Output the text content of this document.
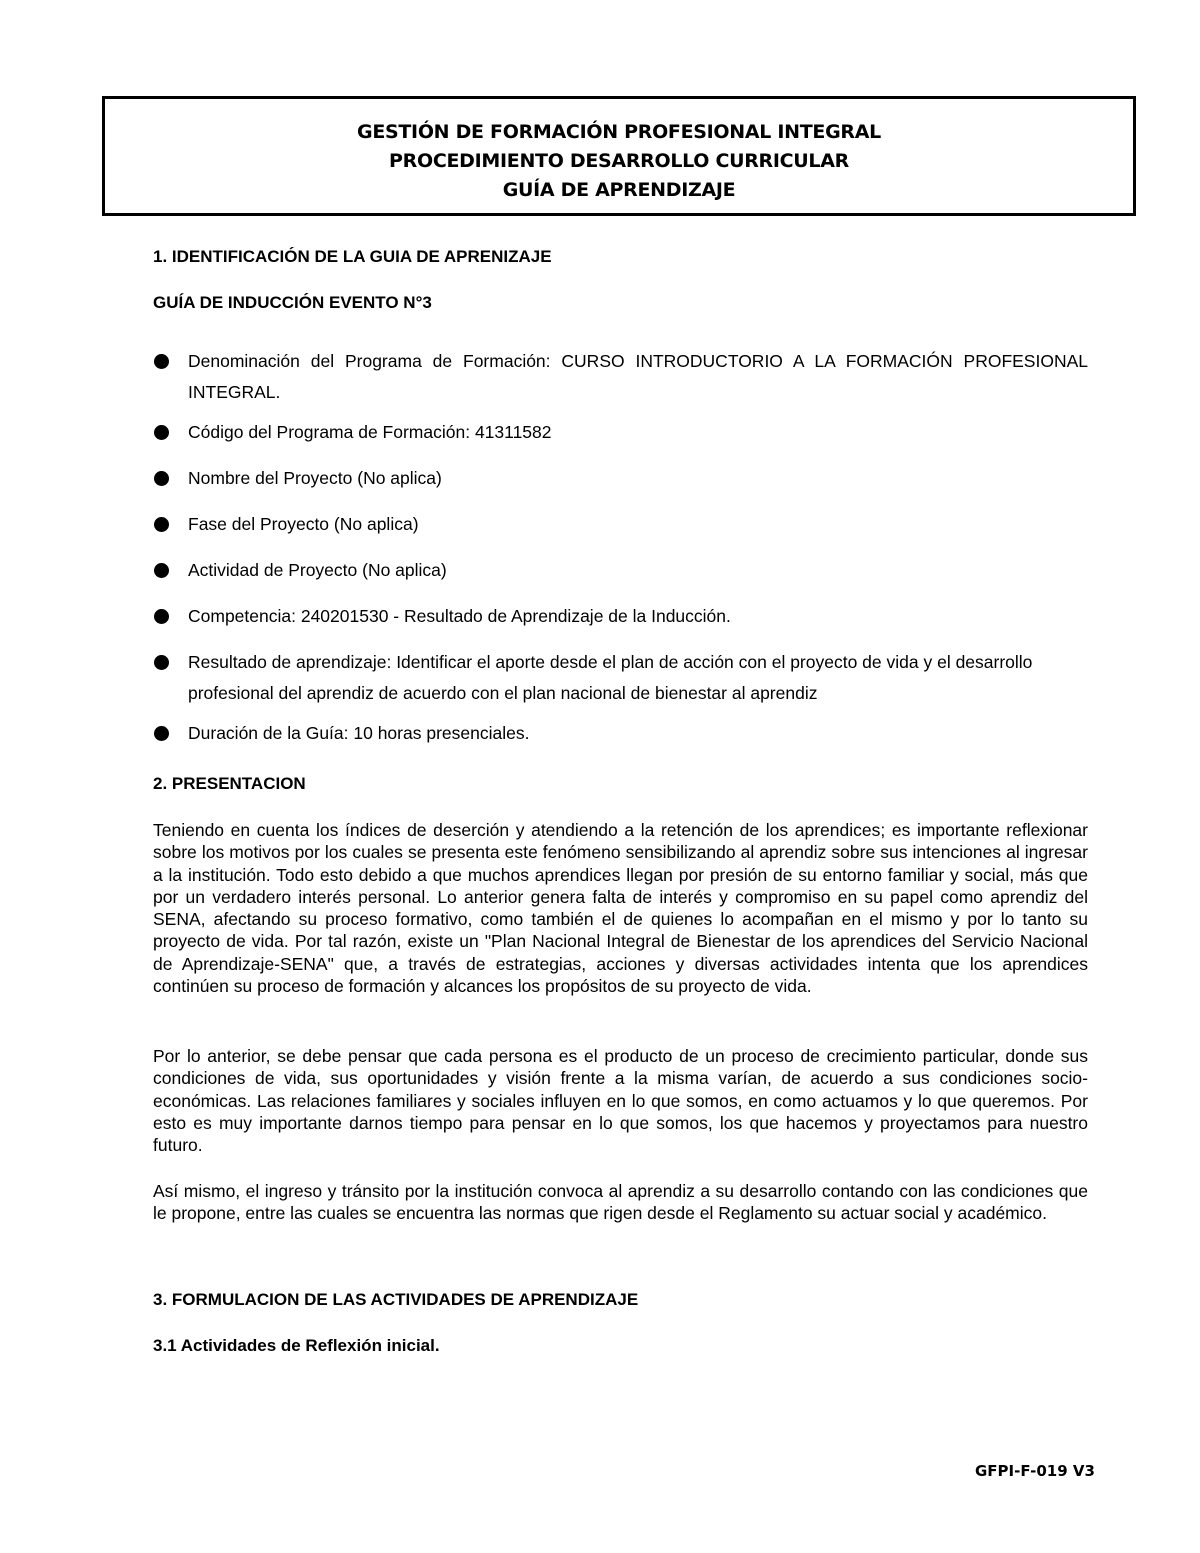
GESTIÓN DE FORMACIÓN PROFESIONAL INTEGRAL
PROCEDIMIENTO DESARROLLO CURRICULAR
GUÍA DE APRENDIZAJE
1. IDENTIFICACIÓN DE LA GUIA DE APRENIZAJE
GUÍA DE INDUCCIÓN EVENTO N°3
Denominación del Programa de Formación: CURSO INTRODUCTORIO A LA FORMACIÓN PROFESIONAL INTEGRAL.
Código del Programa de Formación: 41311582
Nombre del Proyecto (No aplica)
Fase del Proyecto (No aplica)
Actividad de Proyecto (No aplica)
Competencia: 240201530 - Resultado de Aprendizaje de la Inducción.
Resultado de aprendizaje: Identificar el aporte desde el plan de acción con el proyecto de vida y el desarrollo profesional del aprendiz de acuerdo con el plan nacional de bienestar al aprendiz
Duración de la Guía: 10 horas presenciales.
2. PRESENTACION
Teniendo en cuenta los índices de deserción y atendiendo a la retención de los aprendices; es importante reflexionar sobre los motivos por los cuales se presenta este fenómeno sensibilizando al aprendiz sobre sus intenciones al ingresar a la institución. Todo esto debido a que muchos aprendices llegan por presión de su entorno familiar y social, más que por un verdadero interés personal. Lo anterior genera falta de interés y compromiso en su papel como aprendiz del SENA, afectando su proceso formativo, como también el de quienes lo acompañan en el mismo y por lo tanto su proyecto de vida. Por tal razón, existe un "Plan Nacional Integral de Bienestar de los aprendices del Servicio Nacional de Aprendizaje-SENA" que, a través de estrategias, acciones y diversas actividades intenta que los aprendices continúen su proceso de formación y alcances los propósitos de su proyecto de vida.
Por lo anterior, se debe pensar que cada persona es el producto de un proceso de crecimiento particular, donde sus condiciones de vida, sus oportunidades y visión frente a la misma varían, de acuerdo a sus condiciones socio-económicas. Las relaciones familiares y sociales influyen en lo que somos, en como actuamos y lo que queremos. Por esto es muy importante darnos tiempo para pensar en lo que somos, los que hacemos y proyectamos para nuestro futuro.
Así mismo, el ingreso y tránsito por la institución convoca al aprendiz a su desarrollo contando con las condiciones que le propone, entre las cuales se encuentra las normas que rigen desde el Reglamento su actuar social y académico.
3. FORMULACION DE LAS ACTIVIDADES DE APRENDIZAJE
3.1 Actividades de Reflexión inicial.
GFPI-F-019 V3
